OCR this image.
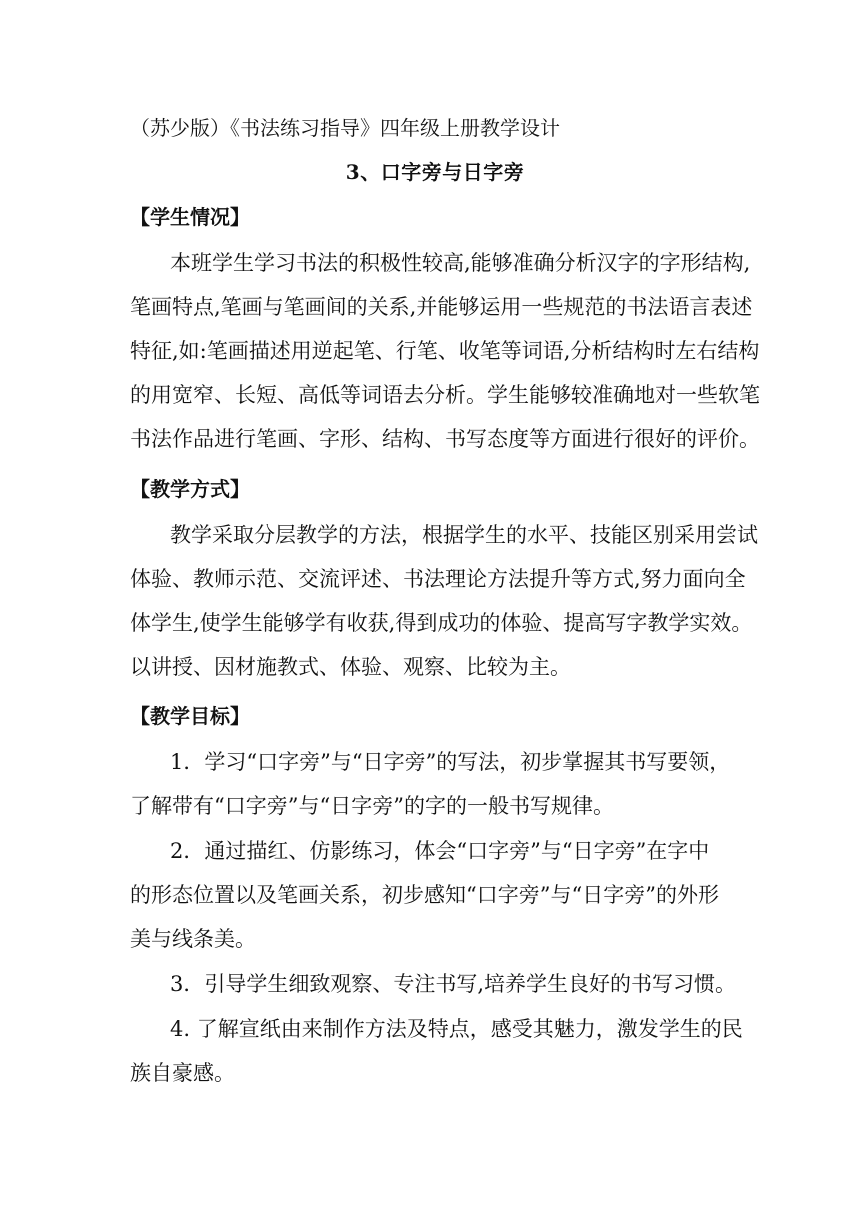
（苏少版）《书法练习指导》四年级上册教学设计
3、口字旁与日字旁
【学生情况】
本班学生学习书法的积极性较高,能够准确分析汉字的字形结构,
笔画特点,笔画与笔画间的关系,并能够运用一些规范的书法语言表述
特征,如:笔画描述用逆起笔、行笔、收笔等词语,分析结构时左右结构
的用宽窄、长短、高低等词语去分析。学生能够较准确地对一些软笔
书法作品进行笔画、字形、结构、书写态度等方面进行很好的评价。
【教学方式】
教学采取分层教学的方法，根据学生的水平、技能区别采用尝试
体验、教师示范、交流评述、书法理论方法提升等方式,努力面向全
体学生,使学生能够学有收获,得到成功的体验、提高写字教学实效。
以讲授、因材施教式、体验、观察、比较为主。
【教学目标】
1．学习“口字旁”与“日字旁”的写法，初步掌握其书写要领，
了解带有“口字旁”与“日字旁”的字的一般书写规律。
2．通过描红、仿影练习，体会“口字旁”与“日字旁”在字中
的形态位置以及笔画关系，初步感知“口字旁”与“日字旁”的外形
美与线条美。
3．引导学生细致观察、专注书写,培养学生良好的书写习惯。
4. 了解宣纸由来制作方法及特点，感受其魅力，激发学生的民
族自豪感。
